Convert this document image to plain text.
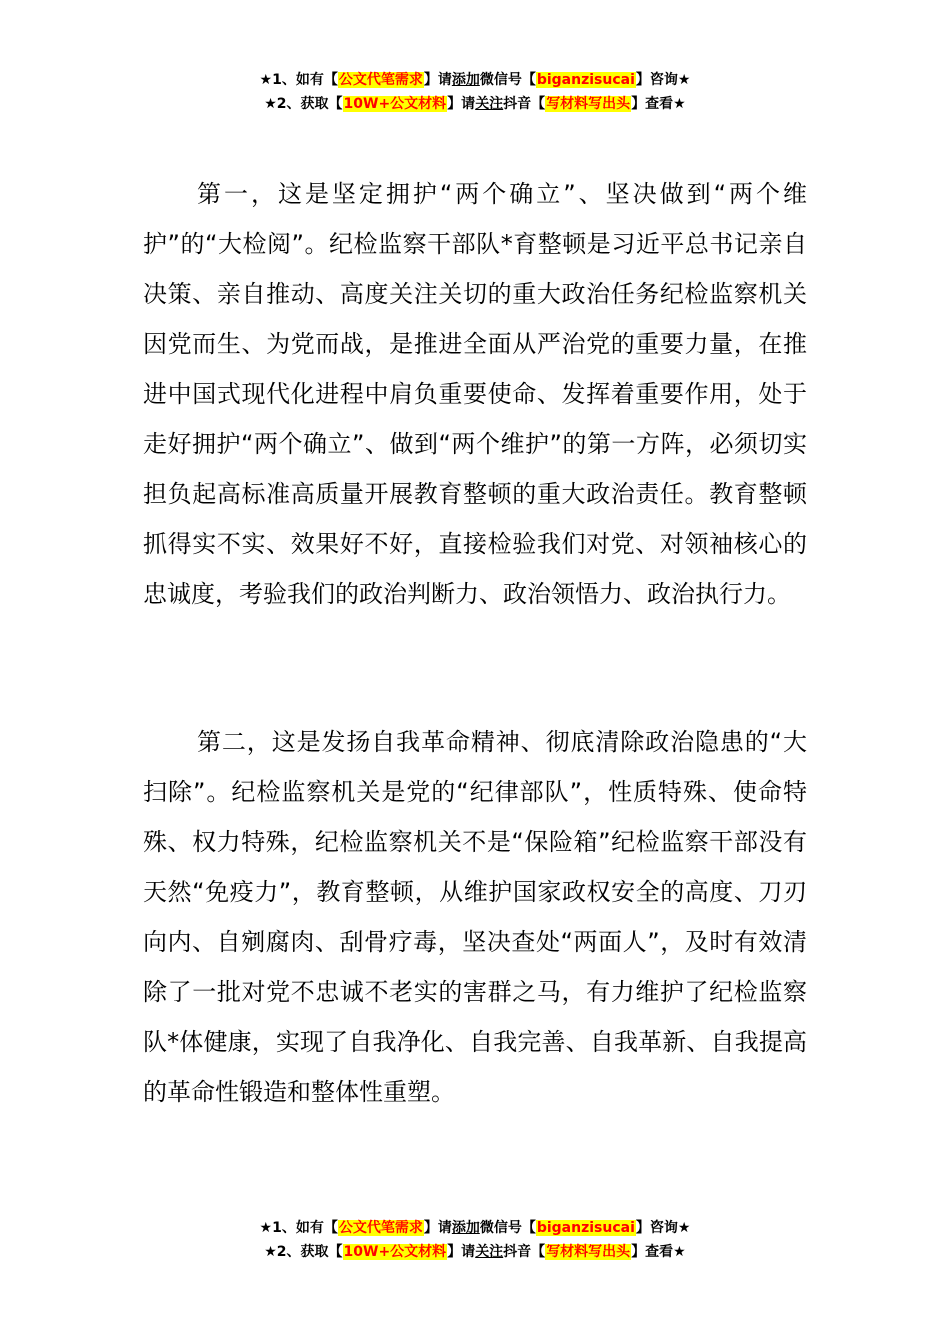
★1、如有【公文代笔需求】请添加微信号【biganzisucai】咨询★
★2、获取【10W+公文材料】请关注抖音【写材料写出头】查看★

第一，这是坚定拥护“两个确立”、坚决做到“两个维护”的“大检阅”。纪检监察干部队*育整顿是习近平总书记亲自决策、亲自推动、高度关注关切的重大政治任务纪检监察机关因党而生、为党而战，是推进全面从严治党的重要力量，在推进中国式现代化进程中肩负重要使命、发挥着重要作用，处于走好拥护“两个确立”、做到“两个维护”的第一方阵，必须切实担负起高标准高质量开展教育整顿的重大政治责任。教育整顿抓得实不实、效果好不好，直接检验我们对党、对领袖核心的忠诚度，考验我们的政治判断力、政治领悟力、政治执行力。

第二，这是发扬自我革命精神、彻底清除政治隐患的“大扫除”。纪检监察机关是党的“纪律部队”，性质特殊、使命特殊、权力特殊，纪检监察机关不是“保险箱”纪检监察干部没有天然“免疫力”，教育整顿，从维护国家政权安全的高度、刀刃向内、自剜腐肉、刮骨疗毒，坚决查处“两面人”，及时有效清除了一批对党不忠诚不老实的害群之马，有力维护了纪检监察队*体健康，实现了自我净化、自我完善、自我革新、自我提高的革命性锻造和整体性重塑。

★1、如有【公文代笔需求】请添加微信号【biganzisucai】咨询★
★2、获取【10W+公文材料】请关注抖音【写材料写出头】查看★
